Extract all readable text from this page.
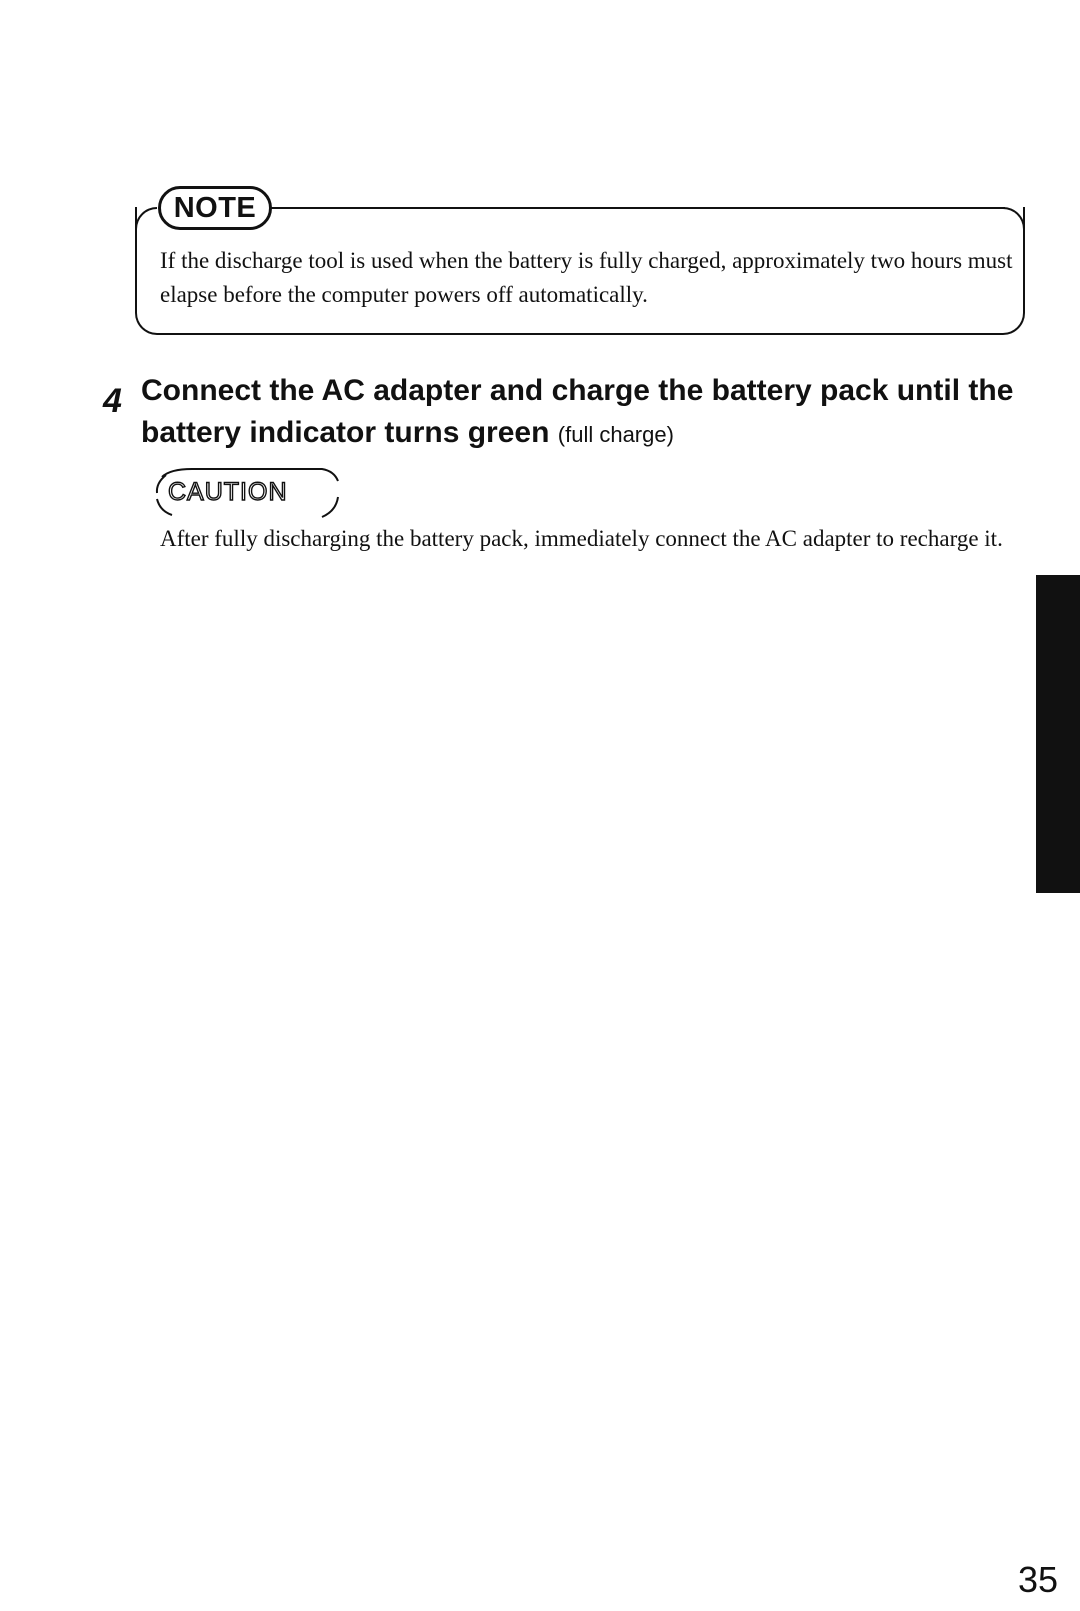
NOTE

If the discharge tool is used when the battery is fully charged, approximately two hours must elapse before the computer powers off automatically.

4 Connect the AC adapter and charge the battery pack until the battery indicator turns green (full charge)
CAUTION

After fully discharging the battery pack, immediately connect the AC adapter to recharge it.

35
